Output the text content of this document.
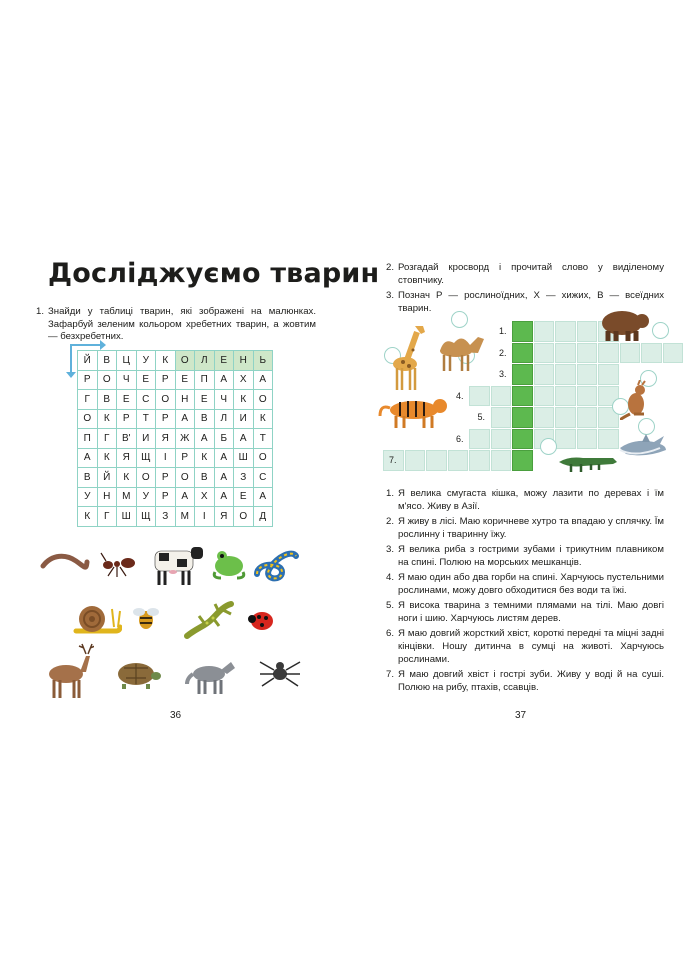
Досліджуємо тварин
1. Знайди у таблиці тварин, які зображені на малюнках. Зафарбуй зеленим кольором хребетних тварин, а жовтим — безхребетних.
Й	В	Ц	У	К	О	Л	Е	Н	Ь
Р	О	Ч	Е	Р	Е	П	А	Х	А
Г	В	Е	С	О	Н	Е	Ч	К	О
О	К	Р	Т	Р	А	В	Л	И	К
П	Г	В'	И	Я	Ж	А	Б	А	Т
А	К	Я	Щ	І	Р	К	А	Ш	О
В	Й	К	О	Р	О	В	А	З	С
У	Н	М	У	Р	А	Х	А	Е	А
К	Г	Ш	Щ	З	М	І	Я	О	Д
36
2. Розгадай кросворд і прочитай слово у виділеному стовпчику.
3. Познач Р — рослиноїдних, Х — хижих, В — всеїдних тварин.
1.
2.
3.
4.
5.
6.
7.
1. Я велика смугаста кішка, можу лазити по деревах і їм м'ясо. Живу в Азії.
2. Я живу в лісі. Маю коричневе хутро та впадаю у сплячку. Їм рослинну і тваринну їжу.
3. Я велика риба з гострими зубами і трикутним плавником на спині. Полюю на морських мешканців.
4. Я маю один або два горби на спині. Харчуюсь пустельними рослинами, можу довго обходитися без води та їжі.
5. Я висока тварина з темними плямами на тілі. Маю довгі ноги і шию. Харчуюсь листям дерев.
6. Я маю довгий жорсткий хвіст, короткі передні та міцні задні кінцівки. Ношу дитинча в сумці на животі. Харчуюсь рослинами.
7. Я маю довгий хвіст і гострі зуби. Живу у воді й на суші. Полюю на рибу, птахів, ссавців.
37
